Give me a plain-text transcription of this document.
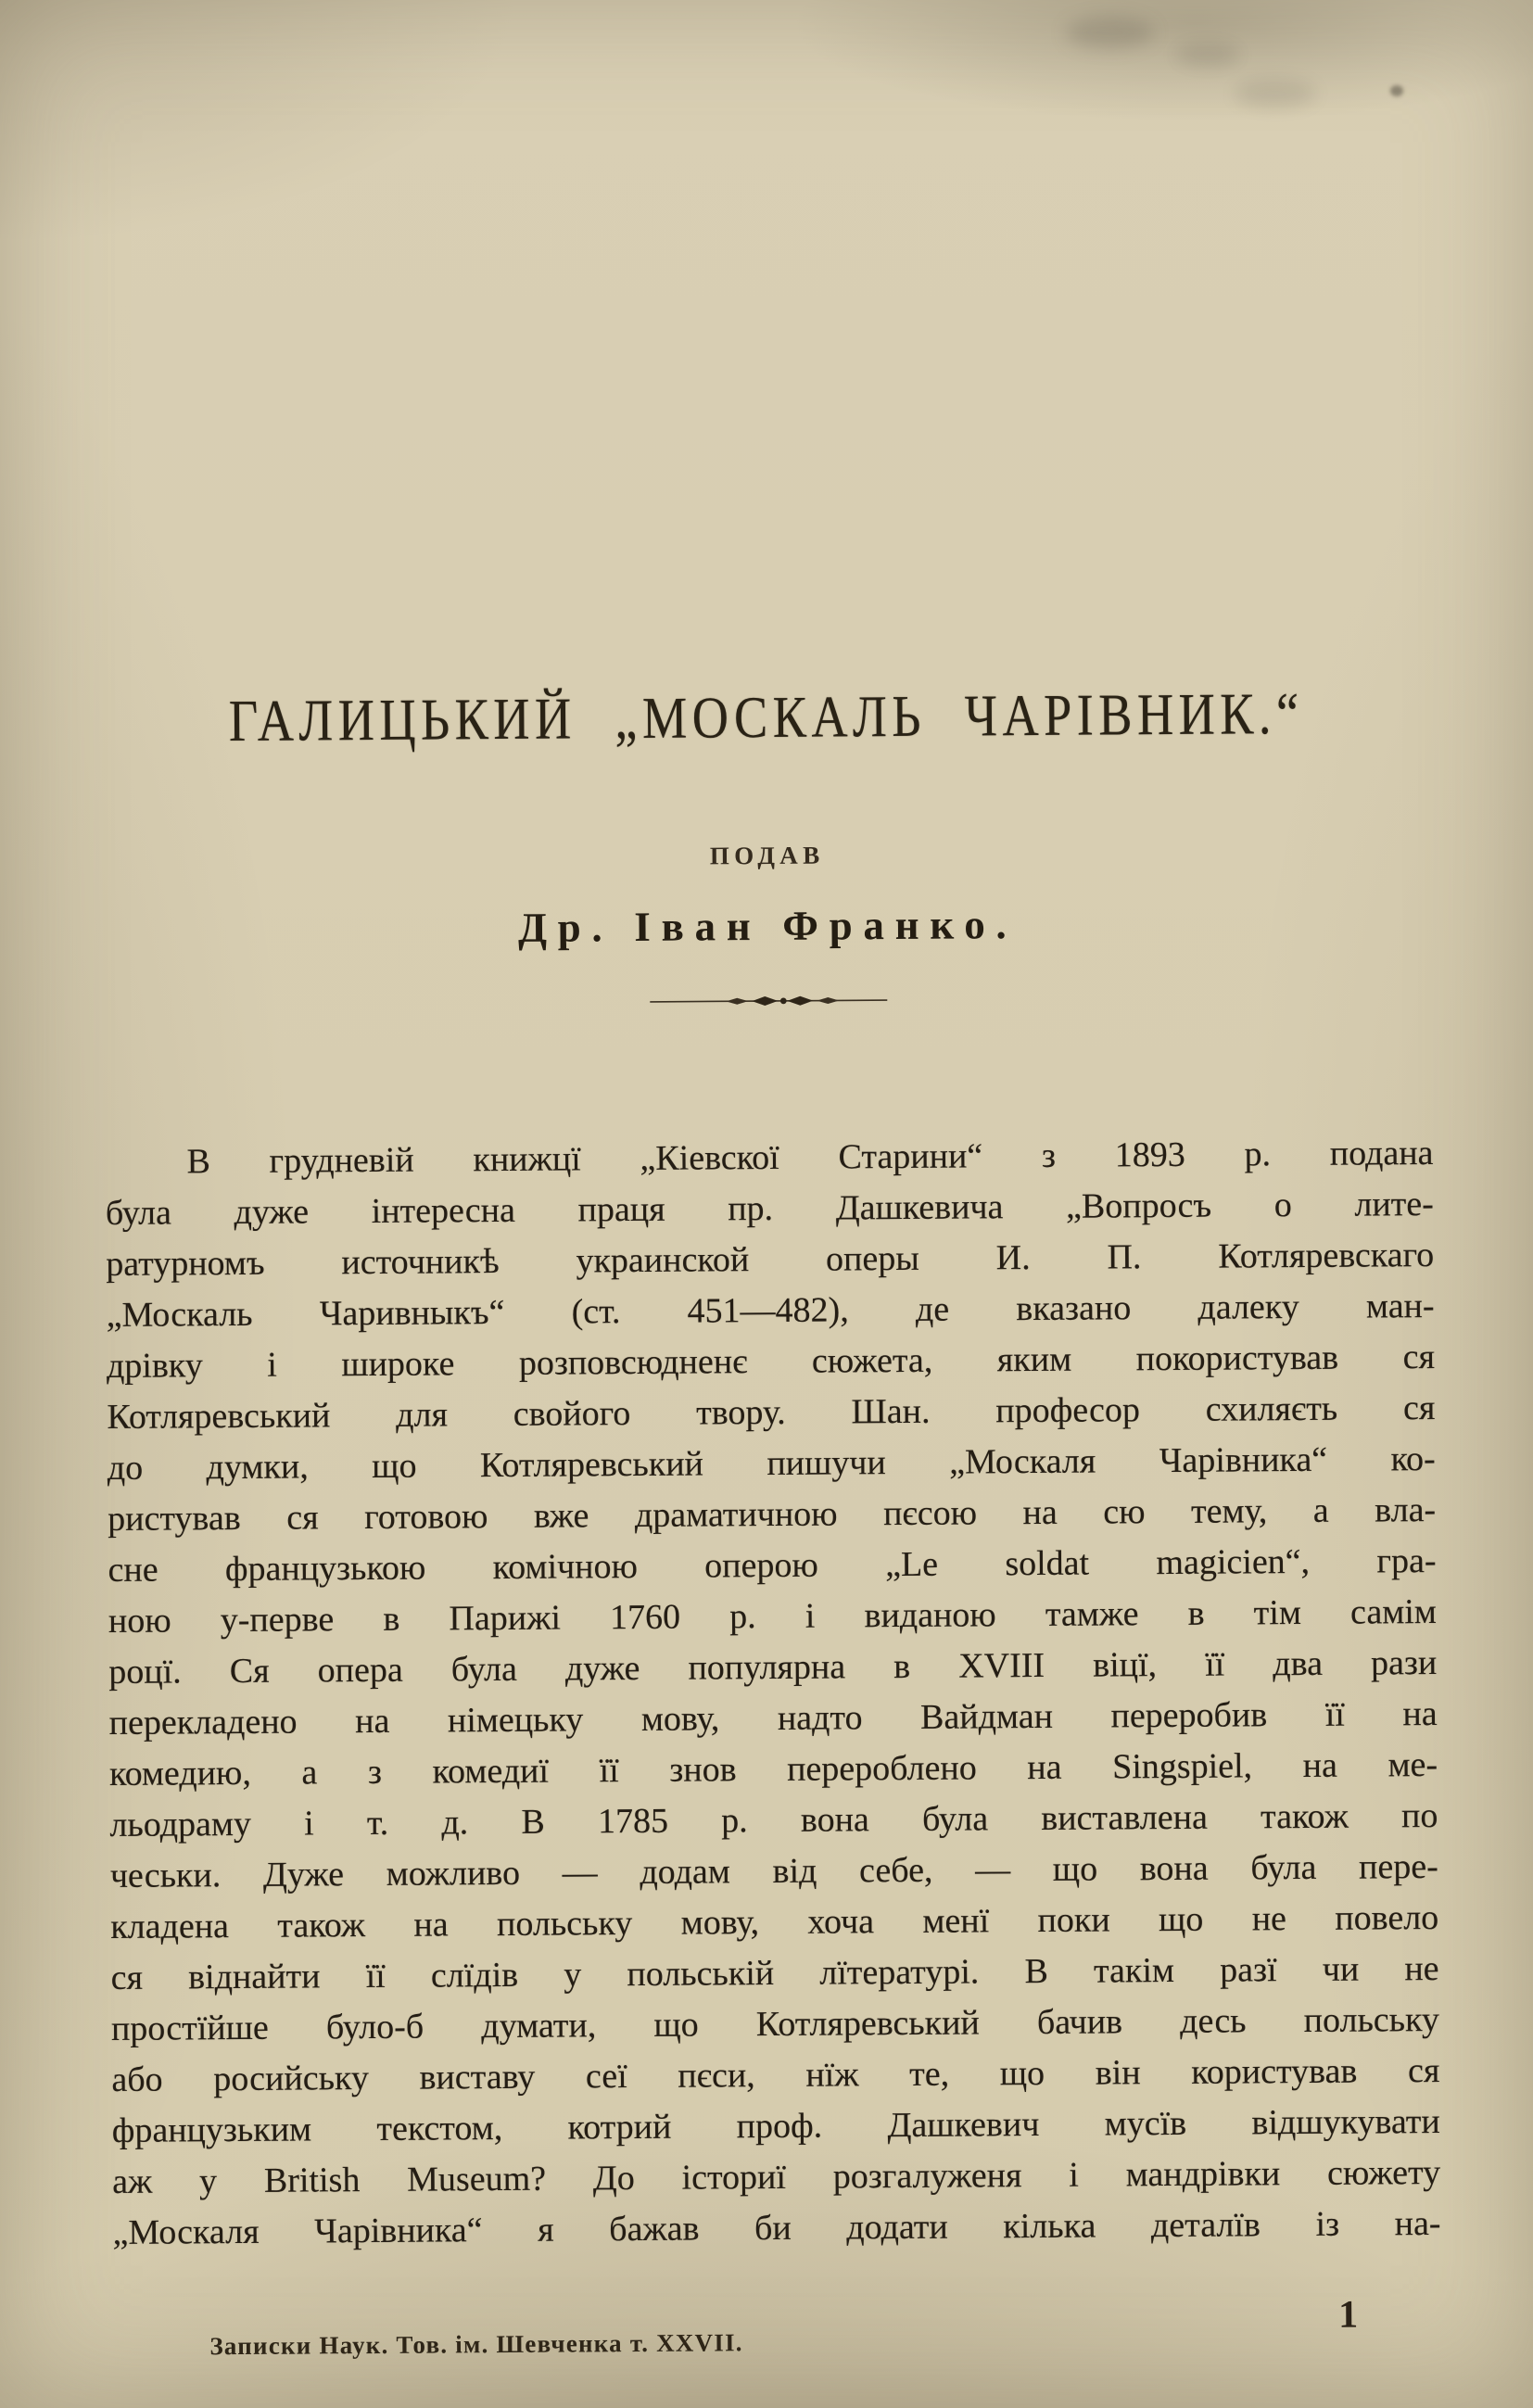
ГАЛИЦЬКИЙ „МОСКАЛЬ ЧАРІВНИК.“
ПОДАВ
Др. Іван Франко.
В грудневій книжцї „Кіевскої Старини“ з 1893 р. подана
була дуже інтересна праця пр. Дашкевича „Вопросъ о лите-
ратурномъ источникѣ украинской оперы И. П. Котляревскаго
„Москаль Чаривныкъ“ (ст. 451—482), де вказано далеку ман-
дрівку і широке розповсюдненє сюжета, яким покористував ся
Котляревський для свойого твору. Шан. професор схиляєть ся
до думки, що Котляревський пишучи „Москаля Чарівника“ ко-
ристував ся готовою вже драматичною пєсою на сю тему, а вла-
сне французькою комічною оперою „Le soldat magicien“, гра-
ною у-перве в Парижі 1760 р. і виданою тамже в тім самім
роцї. Ся опера була дуже популярна в XVIII віцї, її два рази
перекладено на німецьку мову, надто Вайдман переробив її на
комедию, а з комедиї її знов перероблено на Singspiel, на ме-
льодраму і т. д. В 1785 р. вона була виставлена також по
чеськи. Дуже можливо — додам від себе, — що вона була пере-
кладена також на польську мову, хоча менї поки що не повело
ся віднайти її слїдів у польській лїтературі. В такім разї чи не
простїйше було-б думати, що Котляревський бачив десь польську
або росийську виставу сеї пєси, нїж те, що він користував ся
французьким текстом, котрий проф. Дашкевич мусїв відшукувати
аж у British Museum? До істориї розгалуженя і мандрівки сюжету
„Москаля Чарівника“ я бажав би додати кілька деталїв із на-
Записки Наук. Тов. ім. Шевченка т. XXVII.
1
